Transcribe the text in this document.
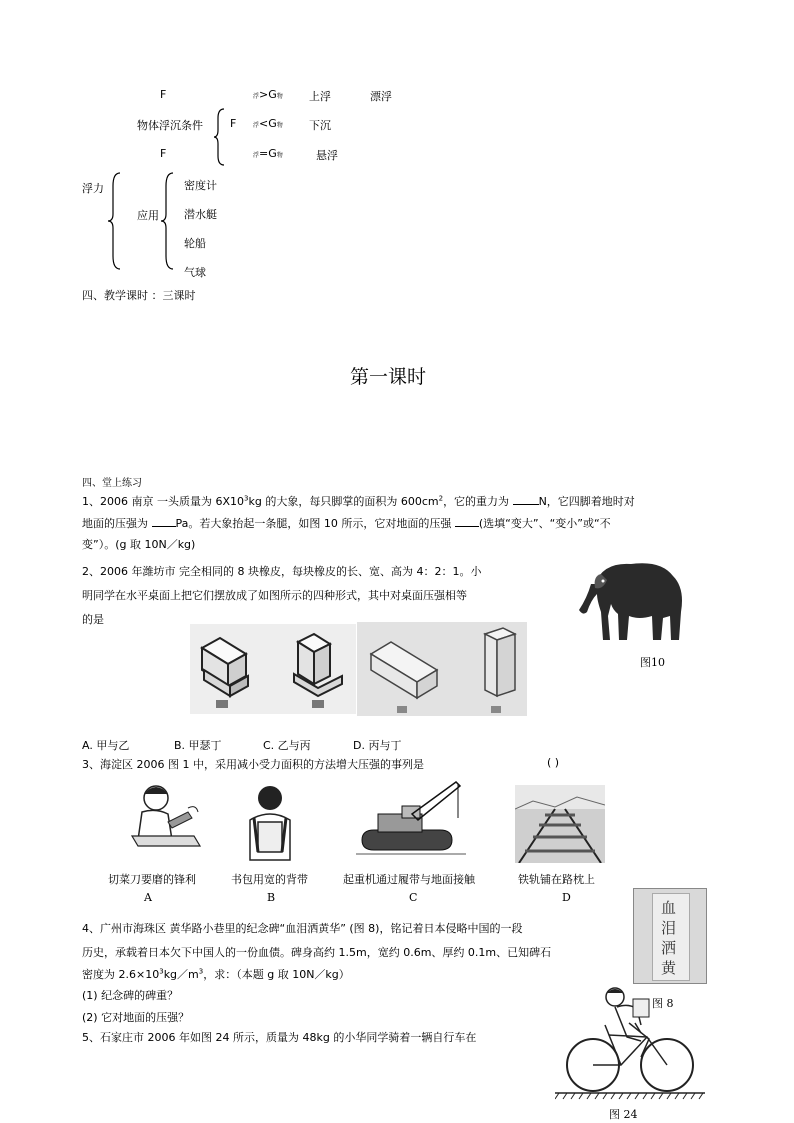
F	浮>G物 上浮	漂浮
物体浮沉条件 F	浮<G物 下沉
F	浮=G物	悬浮
浮力
应用
密度计
潜水艇
轮船
气球
四、教学课时 ：三课时
第一课时
四、堂上练习
1、2006 南京 一头质量为 $6X10^3kg$ 的大象，每只脚掌的面积为 $600cm^2$，它的重力为 N，它四脚着地时对
地面的压强为 Pa。若大象抬起一条腿，如图 10 所示，它对地面的压强 (选填“变大”、“变小”或“不
变”）。(g 取 10N／kg)
2、2006 年潍坊市 完全相同的 8 块橡皮，每块橡皮的长、宽、高为 4：2：1。小
明同学在水平桌面上把它们摆放成了如图所示的四种形式，其中对桌面压强相等
的是
图10
A. 甲与乙	B. 甲瑟丁	C. 乙与丙	D. 丙与丁
3、海淀区 2006 图 1 中，采用减小受力面积的方法增大压强的事列是	( )
切菜刀要磨的锋利	书包用宽的背带	起重机通过履带与地面接触	铁轨铺在路枕上
A	B	C	D
4、广州市海珠区 黄华路小巷里的纪念碑“血泪洒黄华” (图 8)，铭记着日本侵略中国的一段
历史，承载着日本欠下中国人的一份血债。碑身高约 1.5m，宽约 0.6m、厚约 0.1m、已知碑石
密度为 $2.6\times 10^3kg/m^3$，求：（本题 g 取 10N／kg）
(1) 纪念碑的碑重？
(2) 它对地面的压强？
血
泪
洒
黄
图 8
5、石家庄市 2006 年如图 24 所示，质量为 48kg 的小华同学骑着一辆自行车在
图 24
